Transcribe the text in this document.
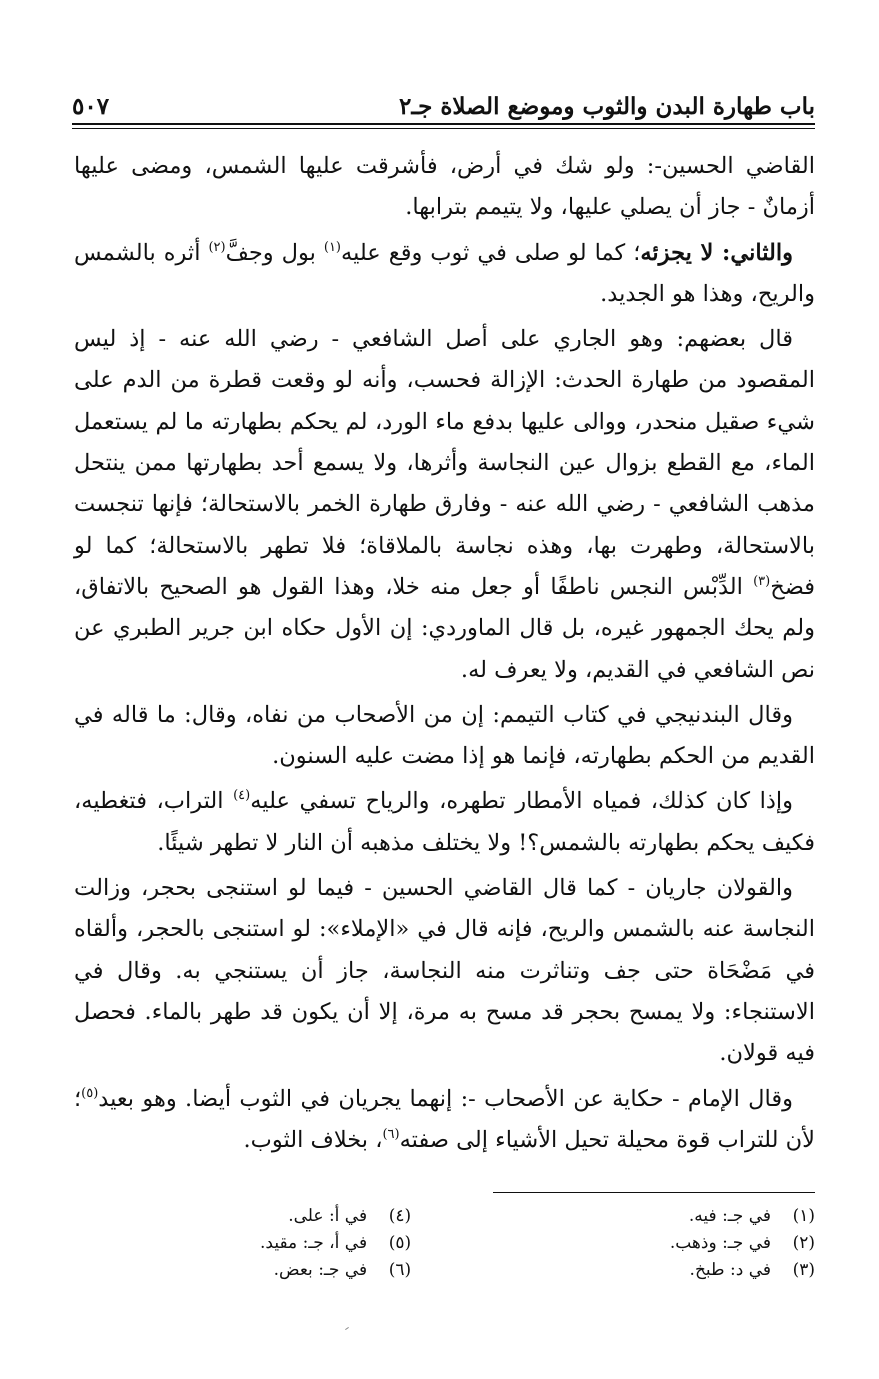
باب طهارة البدن والثوب وموضع الصلاة جـ٢
٥٠٧

القاضي الحسين-: ولو شك في أرض، فأشرقت عليها الشمس، ومضى عليها أزمانٌ - جاز أن يصلي عليها، ولا يتيمم بترابها.

والثاني: لا يجزئه؛ كما لو صلى في ثوب وقع عليه$^{(١)}$ بول وجفَّ$^{(٢)}$ أثره بالشمس والريح، وهذا هو الجديد.

قال بعضهم: وهو الجاري على أصل الشافعي - رضي الله عنه - إذ ليس المقصود من طهارة الحدث: الإزالة فحسب، وأنه لو وقعت قطرة من الدم على شيء صقيل منحدر، ووالى عليها بدفع ماء الورد، لم يحكم بطهارته ما لم يستعمل الماء، مع القطع بزوال عين النجاسة وأثرها، ولا يسمع أحد بطهارتها ممن ينتحل مذهب الشافعي - رضي الله عنه - وفارق طهارة الخمر بالاستحالة؛ فإنها تنجست بالاستحالة، وطهرت بها، وهذه نجاسة بالملاقاة؛ فلا تطهر بالاستحالة؛ كما لو فضخ$^{(٣)}$ الدِّبْس النجس ناطفًا أو جعل منه خلا، وهذا القول هو الصحيح بالاتفاق، ولم يحك الجمهور غيره، بل قال الماوردي: إن الأول حكاه ابن جرير الطبري عن نص الشافعي في القديم، ولا يعرف له.

وقال البندنيجي في كتاب التيمم: إن من الأصحاب من نفاه، وقال: ما قاله في القديم من الحكم بطهارته، فإنما هو إذا مضت عليه السنون.

وإذا كان كذلك، فمياه الأمطار تطهره، والرياح تسفي عليه$^{(٤)}$ التراب، فتغطيه، فكيف يحكم بطهارته بالشمس؟! ولا يختلف مذهبه أن النار لا تطهر شيئًا.

والقولان جاريان - كما قال القاضي الحسين - فيما لو استنجى بحجر، وزالت النجاسة عنه بالشمس والريح، فإنه قال في «الإملاء»: لو استنجى بالحجر، وألقاه في مَضْحَاة حتى جف وتناثرت منه النجاسة، جاز أن يستنجي به. وقال في الاستنجاء: ولا يمسح بحجر قد مسح به مرة، إلا أن يكون قد طهر بالماء. فحصل فيه قولان.

وقال الإمام - حكاية عن الأصحاب -: إنهما يجريان في الثوب أيضا. وهو بعيد$^{(٥)}$؛ لأن للتراب قوة محيلة تحيل الأشياء إلى صفته$^{(٦)}$، بخلاف الثوب.

(١)
في جـ: فيه.
(٢)
في جـ: وذهب.
(٣)
في د: طبخ.
(٤)
في أ: على.
(٥)
في أ، جـ: مقيد.
(٦)
في جـ: بعض.
